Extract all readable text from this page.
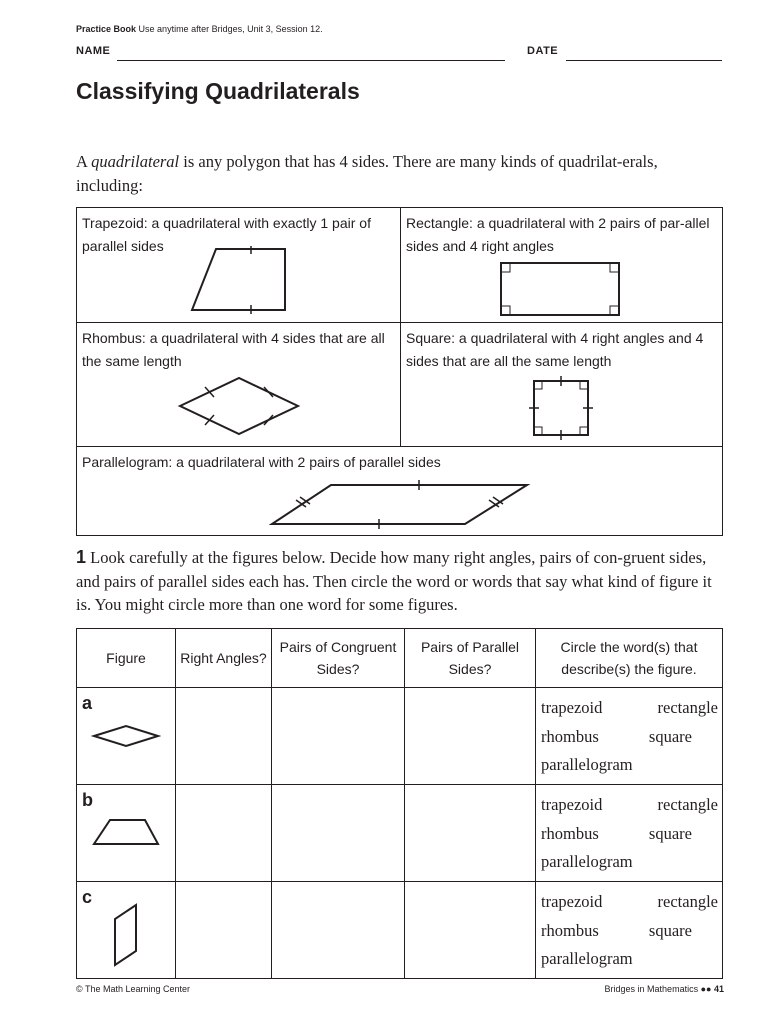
Practice Book Use anytime after Bridges, Unit 3, Session 12.
NAME	DATE
Classifying Quadrilaterals
A quadrilateral is any polygon that has 4 sides. There are many kinds of quadrilat-erals, including:
Trapezoid: a quadrilateral with exactly 1 pair of parallel sides	Rectangle: a quadrilateral with 2 pairs of par-allel sides and 4 right angles

Rhombus: a quadrilateral with 4 sides that are all the same length	Square: a quadrilateral with 4 right angles and 4 sides that are all the same length

Parallelogram: a quadrilateral with 2 pairs of parallel sides	
1 Look carefully at the figures below. Decide how many right angles, pairs of con-gruent sides, and pairs of parallel sides each has. Then circle the word or words that say what kind of figure it is. You might circle more than one word for some figures.
Figure	Right Angles?	Pairs of Congruent Sides?	Pairs of Parallel Sides?	Circle the word(s) that describe(s) the figure.

a				trapezoid rectangle
rhombus square
parallelogram

b				trapezoid rectangle
rhombus square
parallelogram

c				trapezoid rectangle
rhombus square
parallelogram
© The Math Learning Center	Bridges in Mathematics ●● 41
